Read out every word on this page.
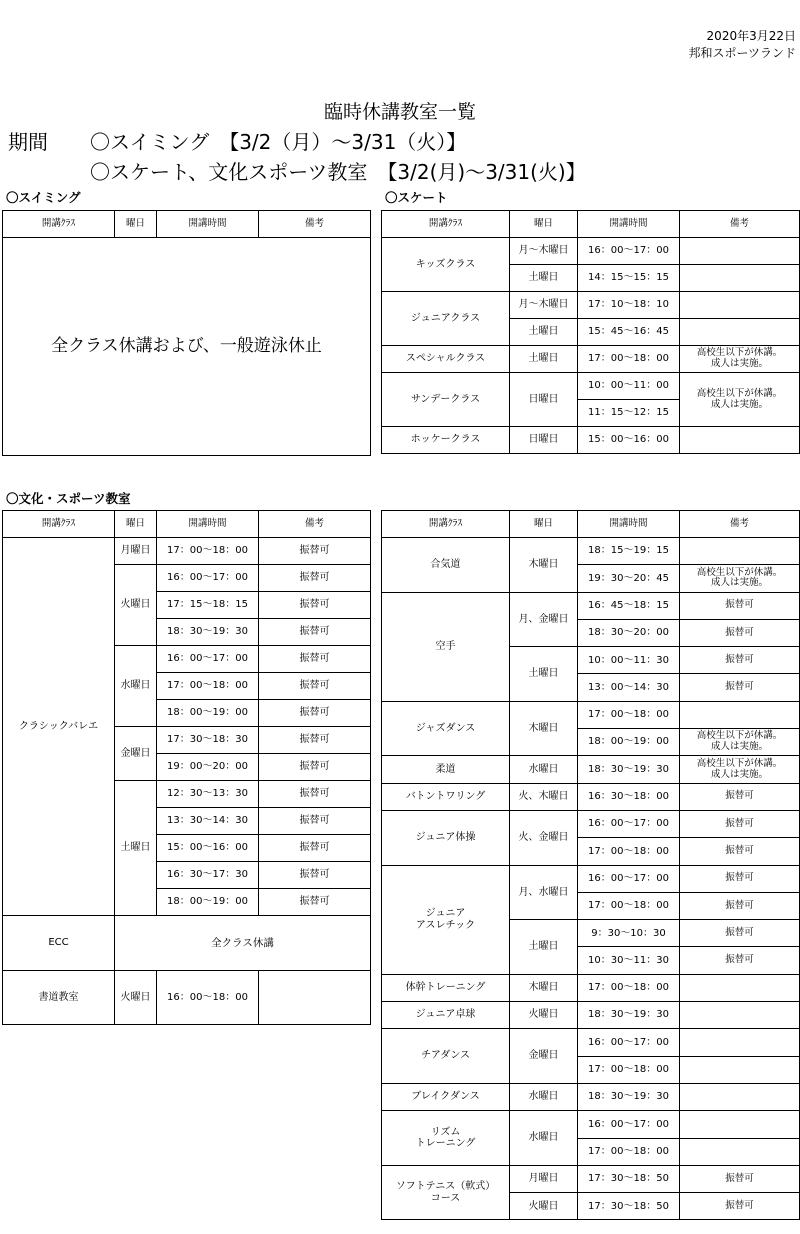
2020年3月22日
邦和スポーツランド
臨時休講教室一覧
期間 〇スイミング　【3/2（月）～3/31（火）】
〇スケート、文化スポーツ教室　【3/2(月)～3/31(火)】
〇スイミング	〇スケート
〇文化・スポーツ教室
開講ｸﾗｽ	曜日	開講時間	備考
全クラス休講および、一般遊泳休止
開講ｸﾗｽ	曜日	開講時間	備考
キッズクラス	月～木曜日	16：00～17：00	
	土曜日	14：15～15：15	
ジュニアクラス	月～木曜日	17：10～18：10	
	土曜日	15：45～16：45	
スペシャルクラス	土曜日	17：00～18：00	高校生以下が休講。
成人は実施。
サンデークラス	日曜日	10：00～11：00	高校生以下が休講。
成人は実施。
		11：15～12：15	
ホッケークラス	日曜日	15：00～16：00	
開講ｸﾗｽ	曜日	開講時間	備考
クラシックバレエ	月曜日	17：00～18：00	振替可
	火曜日	16：00～17：00	振替可
		17：15～18：15	振替可
		18：30～19：30	振替可
	水曜日	16：00～17：00	振替可
		17：00～18：00	振替可
		18：00～19：00	振替可
	金曜日	17：30～18：30	振替可
		19：00～20：00	振替可
	土曜日	12：30～13：30	振替可
		13：30～14：30	振替可
		15：00～16：00	振替可
		16：30～17：30	振替可
		18：00～19：00	振替可
ECC	全クラス休講		
書道教室	火曜日	16：00～18：00	
開講ｸﾗｽ	曜日	開講時間	備考
合気道	木曜日	18：15～19：15	
		19：30～20：45	高校生以下が休講。
成人は実施。
空手	月、金曜日	16：45～18：15	振替可
		18：30～20：00	振替可
	土曜日	10：00～11：30	振替可
		13：00～14：30	振替可
ジャズダンス	木曜日	17：00～18：00	
		18：00～19：00	高校生以下が休講。
成人は実施。
柔道	水曜日	18：30～19：30	高校生以下が休講。
成人は実施。
バトントワリング	火、木曜日	16：30～18：00	振替可
ジュニア体操	火、金曜日	16：00～17：00	振替可
		17：00～18：00	振替可
ジュニア
アスレチック	月、水曜日	16：00～17：00	振替可
		17：00～18：00	振替可
	土曜日	9：30～10：30	振替可
		10：30～11：30	振替可
体幹トレーニング	木曜日	17：00～18：00	
ジュニア卓球	火曜日	18：30～19：30	
チアダンス	金曜日	16：00～17：00	
		17：00～18：00	
ブレイクダンス	水曜日	18：30～19：30	
リズム
トレーニング	水曜日	16：00～17：00	
		17：00～18：00	
ソフトテニス（軟式）
コース	月曜日	17：30～18：50	振替可
	火曜日	17：30～18：50	振替可
